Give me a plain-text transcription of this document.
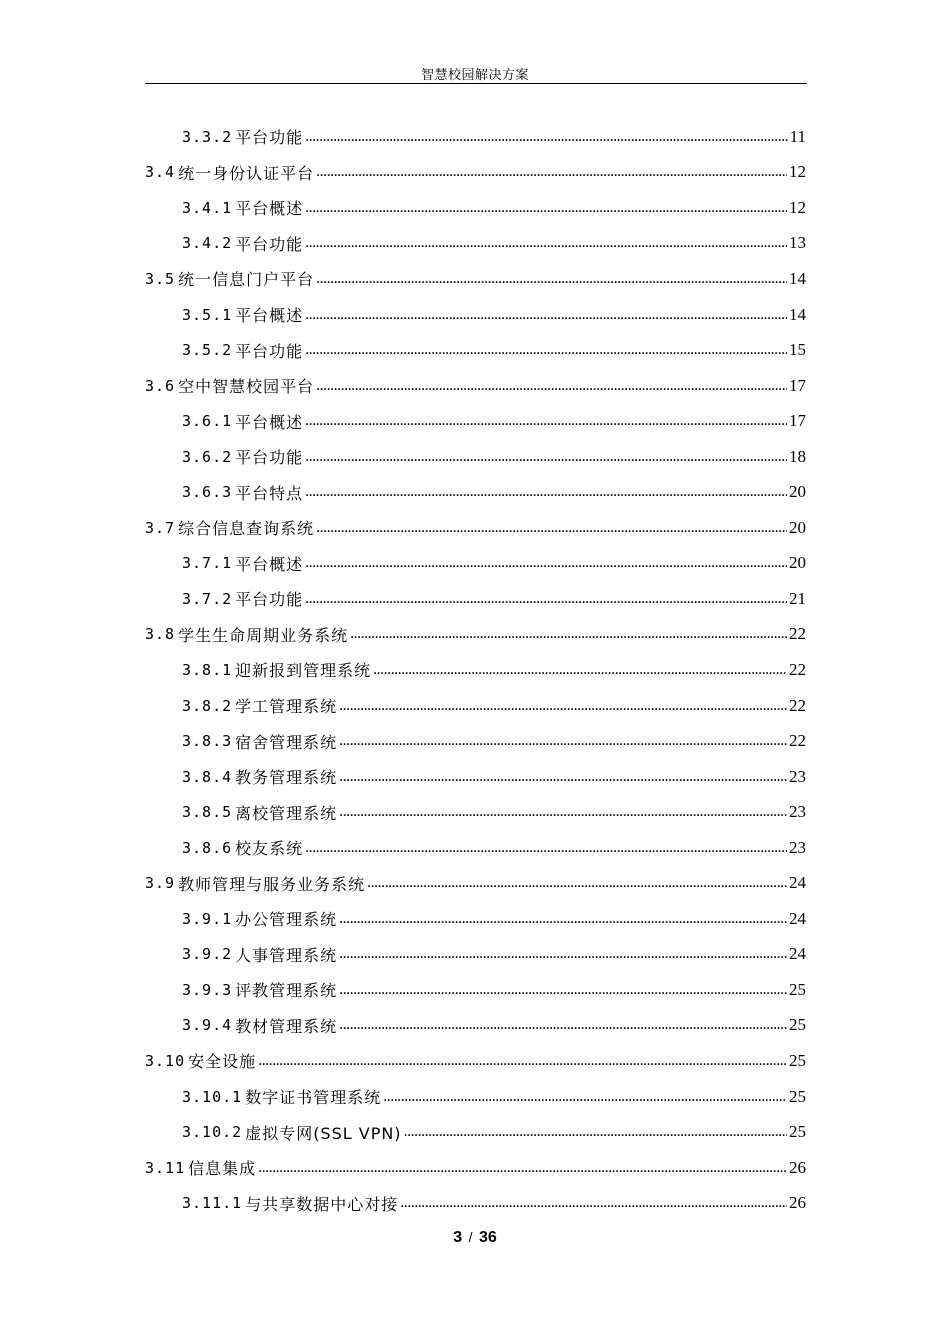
智慧校园解决方案
3.3.2 平台功能 .....	11
3.4 统一身份认证平台 .....	12
3.4.1 平台概述 .....	12
3.4.2 平台功能 .....	13
3.5 统一信息门户平台 .....	14
3.5.1 平台概述 .....	14
3.5.2 平台功能 .....	15
3.6 空中智慧校园平台 .....	17
3.6.1 平台概述 .....	17
3.6.2 平台功能 .....	18
3.6.3 平台特点 .....	20
3.7 综合信息查询系统 .....	20
3.7.1 平台概述 .....	20
3.7.2 平台功能 .....	21
3.8 学生生命周期业务系统 .....	22
3.8.1 迎新报到管理系统 .....	22
3.8.2 学工管理系统 .....	22
3.8.3 宿舍管理系统 .....	22
3.8.4 教务管理系统 .....	23
3.8.5 离校管理系统 .....	23
3.8.6 校友系统 .....	23
3.9 教师管理与服务业务系统 .....	24
3.9.1 办公管理系统 .....	24
3.9.2 人事管理系统 .....	24
3.9.3 评教管理系统 .....	25
3.9.4 教材管理系统 .....	25
3.10 安全设施 .....	25
3.10.1 数字证书管理系统 .....	25
3.10.2 虚拟专网(SSL VPN) .....	25
3.11 信息集成 .....	26
3.11.1 与共享数据中心对接 .....	26
3 / 36
